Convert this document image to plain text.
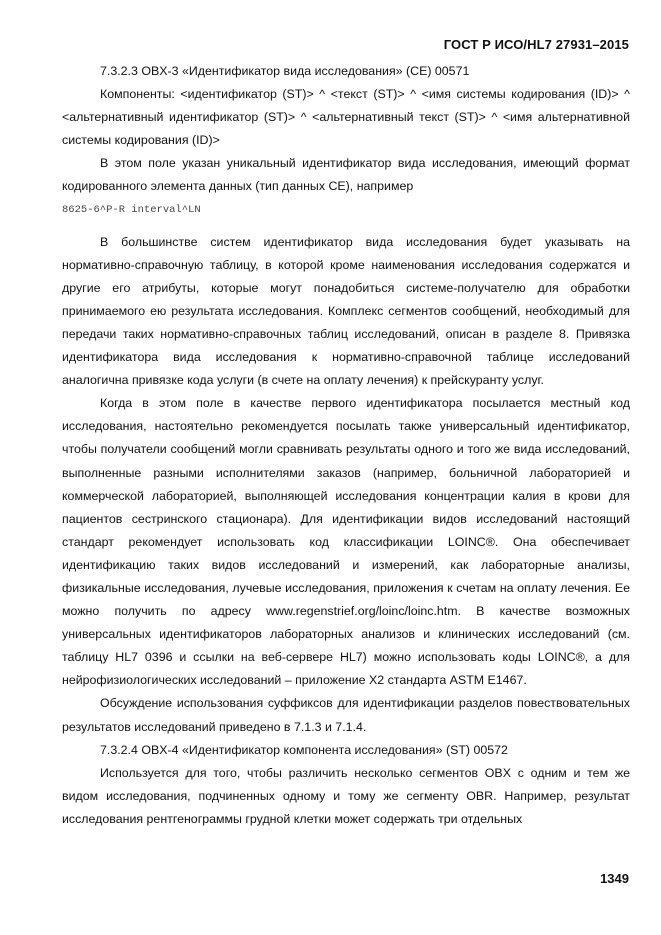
ГОСТ Р ИСО/HL7 27931–2015

7.3.2.3 OBX-3 «Идентификатор вида исследования» (CE) 00571

Компоненты: <идентификатор (ST)> ^ <текст (ST)> ^ <имя системы кодирования (ID)> ^ <альтернативный идентификатор (ST)> ^ <альтернативный текст (ST)> ^ <имя альтернативной системы кодирования (ID)>

В этом поле указан уникальный идентификатор вида исследования, имеющий формат кодированного элемента данных (тип данных CE), например

8625-6^P-R interval^LN

В большинстве систем идентификатор вида исследования будет указывать на нормативно-справочную таблицу, в которой кроме наименования исследования содержатся и другие его атрибуты, которые могут понадобиться системе-получателю для обработки принимаемого ею результата исследования. Комплекс сегментов сообщений, необходимый для передачи таких нормативно-справочных таблиц исследований, описан в разделе 8. Привязка идентификатора вида исследования к нормативно-справочной таблице исследований аналогична привязке кода услуги (в счете на оплату лечения) к прейскуранту услуг.

Когда в этом поле в качестве первого идентификатора посылается местный код исследования, настоятельно рекомендуется посылать также универсальный идентификатор, чтобы получатели сообщений могли сравнивать результаты одного и того же вида исследований, выполненные разными исполнителями заказов (например, больничной лабораторией и коммерческой лабораторией, выполняющей исследования концентрации калия в крови для пациентов сестринского стационара). Для идентификации видов исследований настоящий стандарт рекомендует использовать код классификации LOINC®. Она обеспечивает идентификацию таких видов исследований и измерений, как лабораторные анализы, физикальные исследования, лучевые исследования, приложения к счетам на оплату лечения. Ее можно получить по адресу www.regenstrief.org/loinc/loinc.htm. В качестве возможных универсальных идентификаторов лабораторных анализов и клинических исследований (см. таблицу HL7 0396 и ссылки на веб-сервере HL7) можно использовать коды LOINC®, а для нейрофизиологических исследований – приложение X2 стандарта ASTM E1467.

Обсуждение использования суффиксов для идентификации разделов повествовательных результатов исследований приведено в 7.1.3 и 7.1.4.

7.3.2.4 OBX-4 «Идентификатор компонента исследования» (ST) 00572

Используется для того, чтобы различить несколько сегментов OBX с одним и тем же видом исследования, подчиненных одному и тому же сегменту OBR. Например, результат исследования рентгенограммы грудной клетки может содержать три отдельных

1349
